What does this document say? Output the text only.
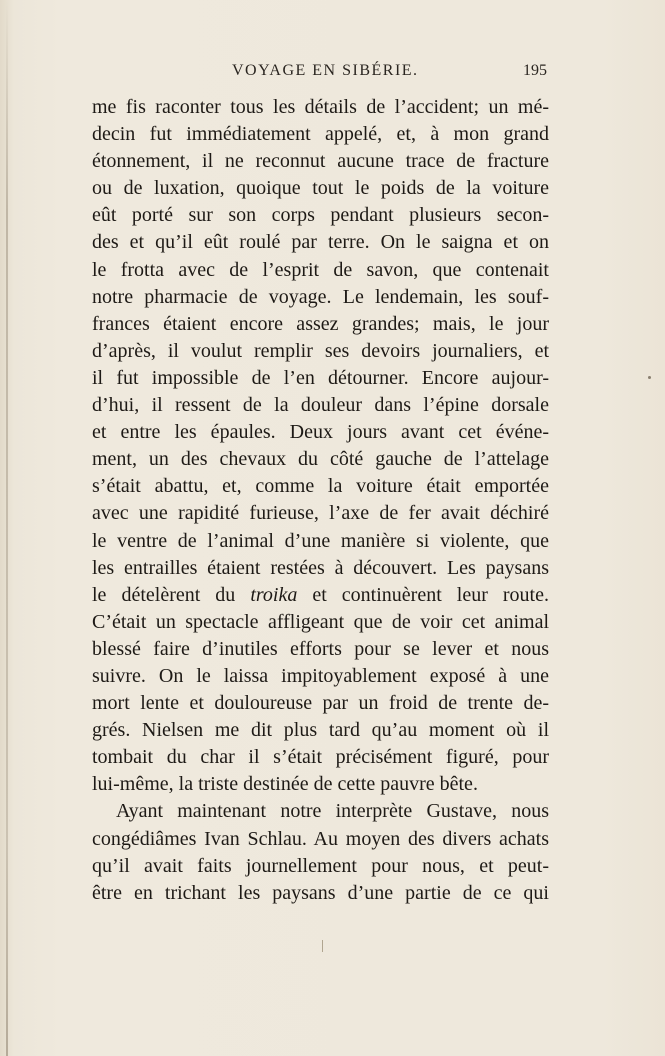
VOYAGE EN SIBÉRIE.	195
me fis raconter tous les détails de l’accident; un mé-
decin fut immédiatement appelé, et, à mon grand
étonnement, il ne reconnut aucune trace de fracture
ou de luxation, quoique tout le poids de la voiture
eût porté sur son corps pendant plusieurs secon-
des et qu’il eût roulé par terre. On le saigna et on
le frotta avec de l’esprit de savon, que contenait
notre pharmacie de voyage. Le lendemain, les souf-
frances étaient encore assez grandes; mais, le jour
d’après, il voulut remplir ses devoirs journaliers, et
il fut impossible de l’en détourner. Encore aujour-
d’hui, il ressent de la douleur dans l’épine dorsale
et entre les épaules. Deux jours avant cet événe-
ment, un des chevaux du côté gauche de l’attelage
s’était abattu, et, comme la voiture était emportée
avec une rapidité furieuse, l’axe de fer avait déchiré
le ventre de l’animal d’une manière si violente, que
les entrailles étaient restées à découvert. Les paysans
le dételèrent du troika et continuèrent leur route.
C’était un spectacle affligeant que de voir cet animal
blessé faire d’inutiles efforts pour se lever et nous
suivre. On le laissa impitoyablement exposé à une
mort lente et douloureuse par un froid de trente de-
grés. Nielsen me dit plus tard qu’au moment où il
tombait du char il s’était précisément figuré, pour
lui-même, la triste destinée de cette pauvre bête.
Ayant maintenant notre interprète Gustave, nous
congédiâmes Ivan Schlau. Au moyen des divers achats
qu’il avait faits journellement pour nous, et peut-
être en trichant les paysans d’une partie de ce qui
